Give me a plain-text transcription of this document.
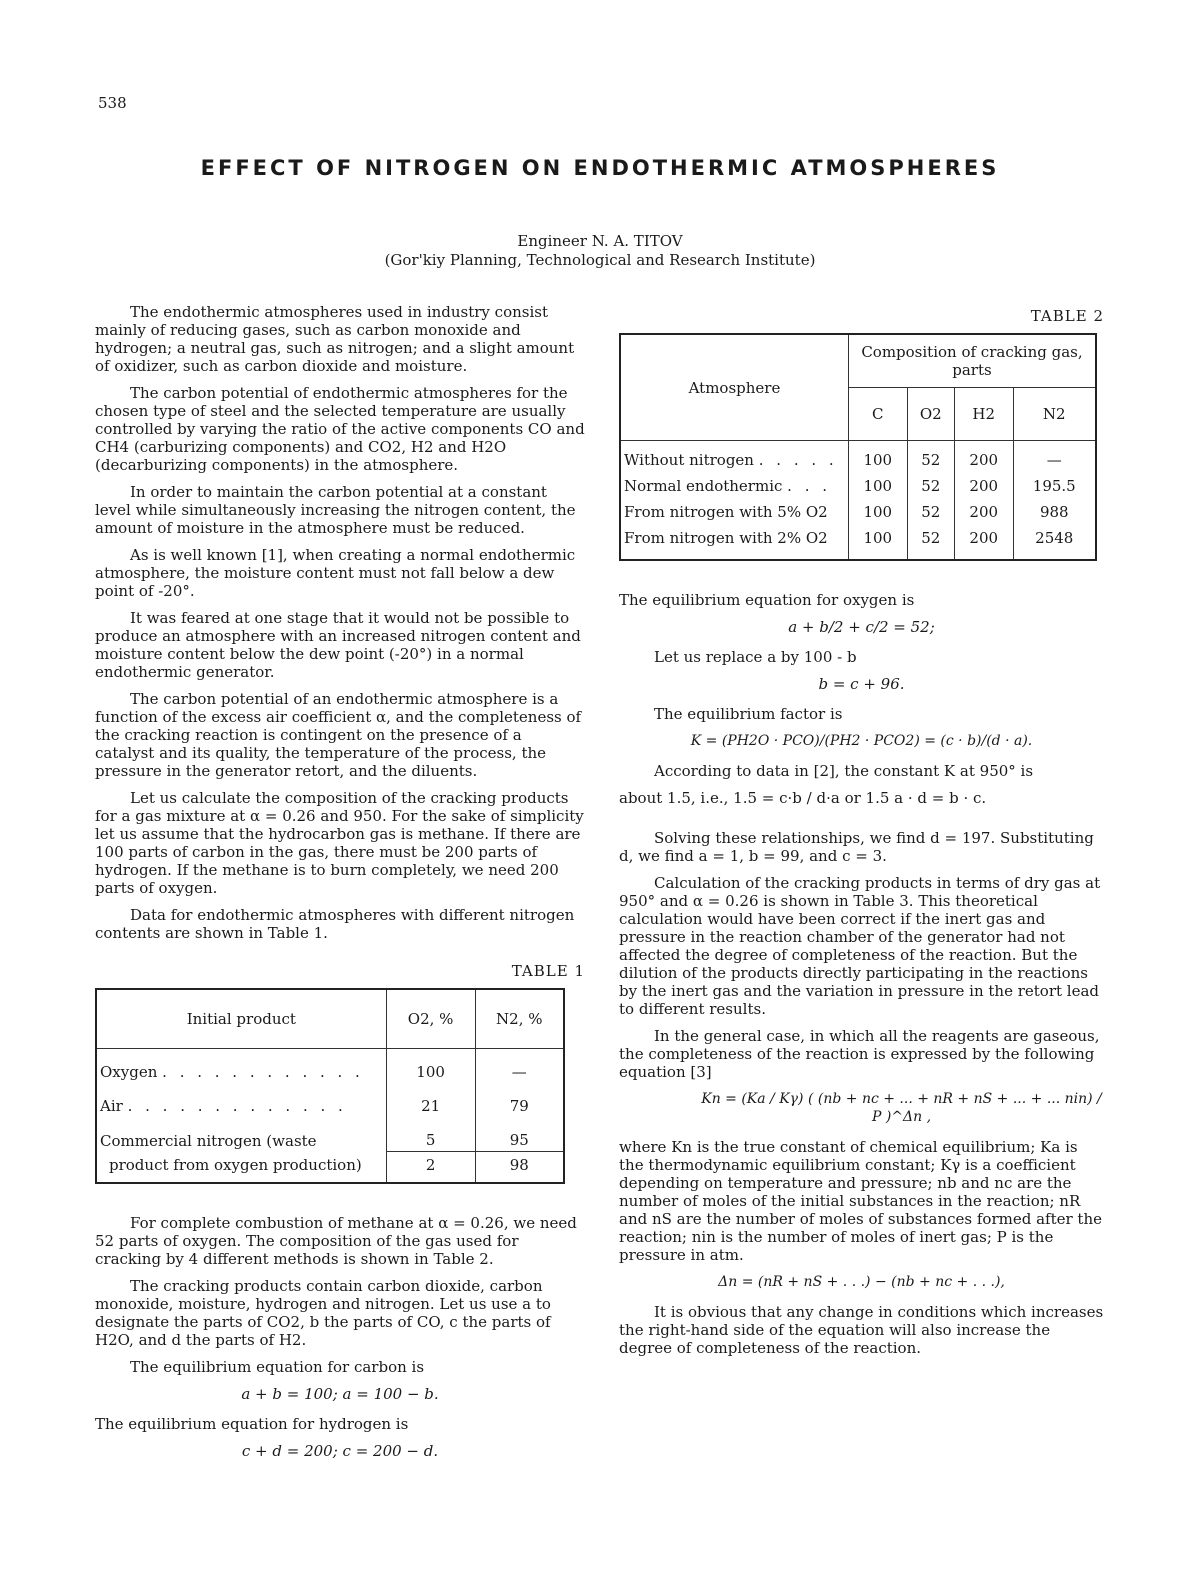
538
EFFECT OF NITROGEN ON ENDOTHERMIC ATMOSPHERES
Engineer N. A. TITOV
(Gor'kiy Planning, Technological and Research Institute)

The endothermic atmospheres used in industry consist mainly of reducing gases, such as carbon monoxide and hydrogen; a neutral gas, such as nitrogen; and a slight amount of oxidizer, such as carbon dioxide and moisture.

The carbon potential of endothermic atmospheres for the chosen type of steel and the selected temperature are usually controlled by varying the ratio of the active components CO and CH4 (carburizing components) and CO2, H2 and H2O (decarburizing components) in the atmosphere.

In order to maintain the carbon potential at a constant level while simultaneously increasing the nitrogen content, the amount of moisture in the atmosphere must be reduced.

As is well known [1], when creating a normal endothermic atmosphere, the moisture content must not fall below a dew point of -20°.

It was feared at one stage that it would not be possible to produce an atmosphere with an increased nitrogen content and moisture content below the dew point (-20°) in a normal endothermic generator.

The carbon potential of an endothermic atmosphere is a function of the excess air coefficient α, and the completeness of the cracking reaction is contingent on the presence of a catalyst and its quality, the temperature of the process, the pressure in the generator retort, and the diluents.

Let us calculate the composition of the cracking products for a gas mixture at α = 0.26 and 950. For the sake of simplicity let us assume that the hydrocarbon gas is methane. If there are 100 parts of carbon in the gas, there must be 200 parts of hydrogen. If the methane is to burn completely, we need 200 parts of oxygen.

Data for endothermic atmospheres with different nitrogen contents are shown in Table 1.

TABLE 1
Initial product	O2, %	N2, %
Oxygen . . . . . . . . . . . .	100	—
Air . . . . . . . . . . . . .	21	79
Commercial nitrogen (waste	5	95
product from oxygen production)	2	98

For complete combustion of methane at α = 0.26, we need 52 parts of oxygen. The composition of the gas used for cracking by 4 different methods is shown in Table 2.

The cracking products contain carbon dioxide, carbon monoxide, moisture, hydrogen and nitrogen. Let us use a to designate the parts of CO2, b the parts of CO, c the parts of H2O, and d the parts of H2.

The equilibrium equation for carbon is

a + b = 100; a = 100 − b.

The equilibrium equation for hydrogen is

c + d = 200; c = 200 − d.
TABLE 2
Atmosphere	Composition of cracking gas, parts			
	C	O2	H2	N2
Without nitrogen . . . . .	100	52	200	—
Normal endothermic . . .	100	52	200	195.5
From nitrogen with 5% O2	100	52	200	988
From nitrogen with 2% O2	100	52	200	2548

The equilibrium equation for oxygen is

a + b/2 + c/2 = 52;

Let us replace a by 100 - b

b = c + 96.

The equilibrium factor is

K = (PH2O · PCO)/(PH2 · PCO2) = (c · b)/(d · a).

According to data in [2], the constant K at 950° is

about 1.5, i.e., 1.5 = c·b / d·a or 1.5 a · d = b · c.

Solving these relationships, we find d = 197. Substituting d, we find a = 1, b = 99, and c = 3.

Calculation of the cracking products in terms of dry gas at 950° and α = 0.26 is shown in Table 3. This theoretical calculation would have been correct if the inert gas and pressure in the reaction chamber of the generator had not affected the degree of completeness of the reaction. But the dilution of the products directly participating in the reactions by the inert gas and the variation in pressure in the retort lead to different results.

In the general case, in which all the reagents are gaseous, the completeness of the reaction is expressed by the following equation [3]

Kn = (Ka / Kγ) ( (nb + nc + ... + nR + nS + ... + ... nin) / P )^Δn ,

where Kn is the true constant of chemical equilibrium; Ka is the thermodynamic equilibrium constant; Kγ is a coefficient depending on temperature and pressure; nb and nc are the number of moles of the initial substances in the reaction; nR and nS are the number of moles of substances formed after the reaction; nin is the number of moles of inert gas; P is the pressure in atm.

Δn = (nR + nS + . . .) − (nb + nc + . . .),

It is obvious that any change in conditions which increases the right-hand side of the equation will also increase the degree of completeness of the reaction.
